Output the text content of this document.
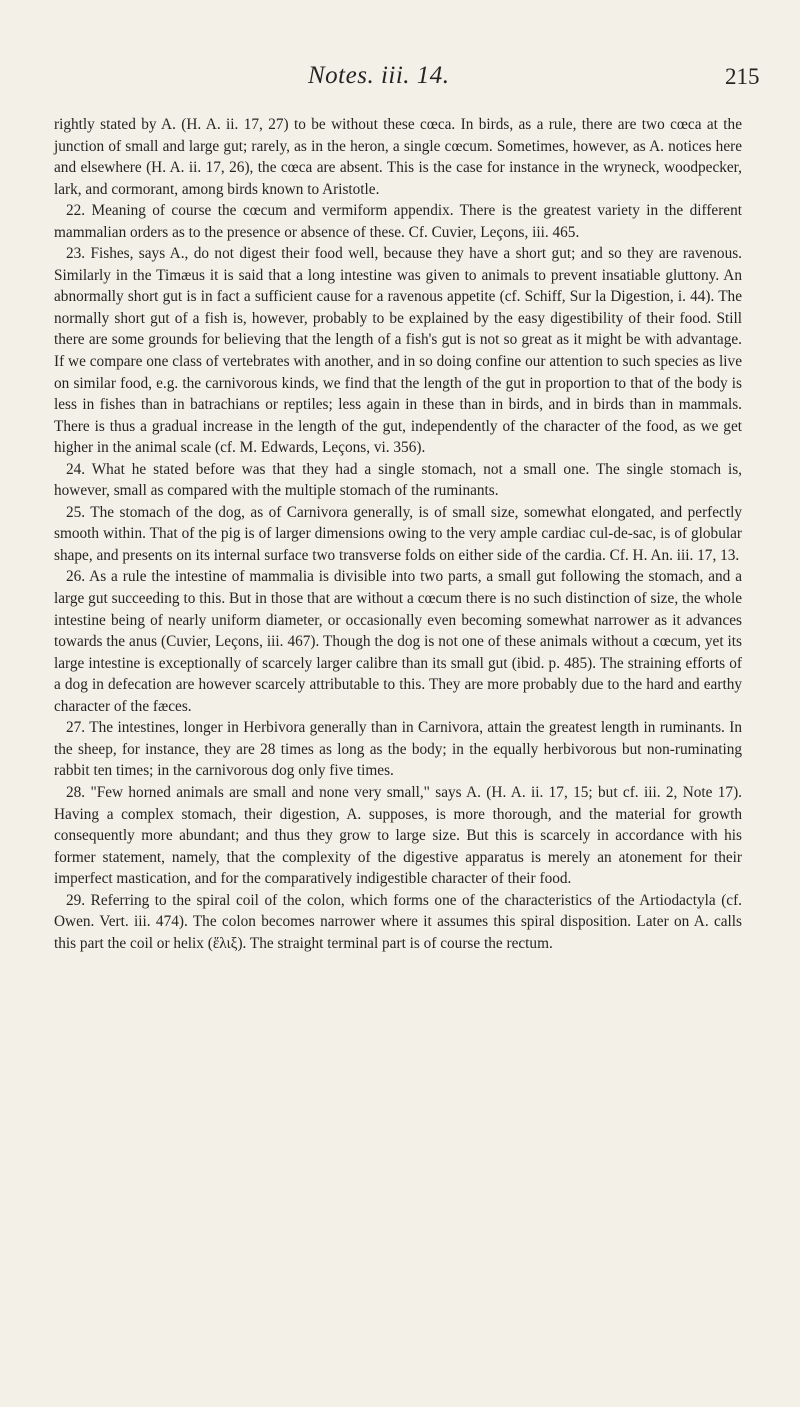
Notes. iii. 14.	215

rightly stated by A. (H. A. ii. 17, 27) to be without these cœca. In birds, as a rule, there are two cœca at the junction of small and large gut; rarely, as in the heron, a single cœcum. Sometimes, however, as A. notices here and elsewhere (H. A. ii. 17, 26), the cœca are absent. This is the case for instance in the wryneck, woodpecker, lark, and cormorant, among birds known to Aristotle.

22. Meaning of course the cœcum and vermiform appendix. There is the greatest variety in the different mammalian orders as to the presence or absence of these. Cf. Cuvier, Leçons, iii. 465.

23. Fishes, says A., do not digest their food well, because they have a short gut; and so they are ravenous. Similarly in the Timæus it is said that a long intestine was given to animals to prevent insatiable gluttony. An abnormally short gut is in fact a sufficient cause for a ravenous appetite (cf. Schiff, Sur la Digestion, i. 44). The normally short gut of a fish is, however, probably to be explained by the easy digestibility of their food. Still there are some grounds for believing that the length of a fish's gut is not so great as it might be with advantage. If we compare one class of vertebrates with another, and in so doing confine our attention to such species as live on similar food, e.g. the carnivorous kinds, we find that the length of the gut in proportion to that of the body is less in fishes than in batrachians or reptiles; less again in these than in birds, and in birds than in mammals. There is thus a gradual increase in the length of the gut, independently of the character of the food, as we get higher in the animal scale (cf. M. Edwards, Leçons, vi. 356).

24. What he stated before was that they had a single stomach, not a small one. The single stomach is, however, small as compared with the multiple stomach of the ruminants.

25. The stomach of the dog, as of Carnivora generally, is of small size, somewhat elongated, and perfectly smooth within. That of the pig is of larger dimensions owing to the very ample cardiac cul-de-sac, is of globular shape, and presents on its internal surface two transverse folds on either side of the cardia. Cf. H. An. iii. 17, 13.

26. As a rule the intestine of mammalia is divisible into two parts, a small gut following the stomach, and a large gut succeeding to this. But in those that are without a cœcum there is no such distinction of size, the whole intestine being of nearly uniform diameter, or occasionally even becoming somewhat narrower as it advances towards the anus (Cuvier, Leçons, iii. 467). Though the dog is not one of these animals without a cœcum, yet its large intestine is exceptionally of scarcely larger calibre than its small gut (ibid. p. 485). The straining efforts of a dog in defecation are however scarcely attributable to this. They are more probably due to the hard and earthy character of the fæces.

27. The intestines, longer in Herbivora generally than in Carnivora, attain the greatest length in ruminants. In the sheep, for instance, they are 28 times as long as the body; in the equally herbivorous but non-ruminating rabbit ten times; in the carnivorous dog only five times.

28. "Few horned animals are small and none very small," says A. (H. A. ii. 17, 15; but cf. iii. 2, Note 17). Having a complex stomach, their digestion, A. supposes, is more thorough, and the material for growth consequently more abundant; and thus they grow to large size. But this is scarcely in accordance with his former statement, namely, that the complexity of the digestive apparatus is merely an atonement for their imperfect mastication, and for the comparatively indigestible character of their food.

29. Referring to the spiral coil of the colon, which forms one of the characteristics of the Artiodactyla (cf. Owen. Vert. iii. 474). The colon becomes narrower where it assumes this spiral disposition. Later on A. calls this part the coil or helix (ἕλιξ). The straight terminal part is of course the rectum.
